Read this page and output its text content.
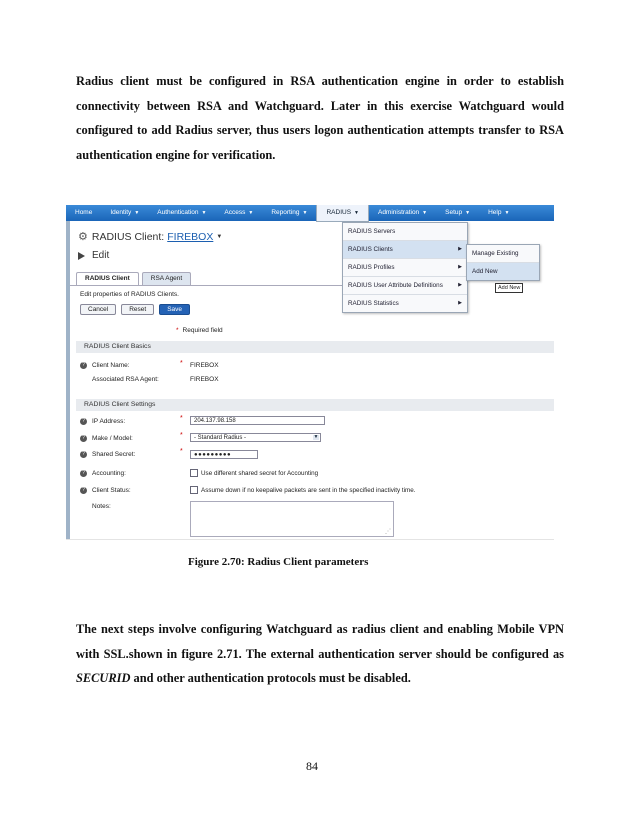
Radius client must be configured in RSA authentication engine in order to establish
connectivity between RSA and Watchguard. Later in this exercise Watchguard would
configured to add Radius server, thus users logon authentication attempts transfer to RSA
authentication engine for verification.
Home	Identity ▼	Authentication ▼	Access ▼	Reporting ▼	RADIUS ▼	Administration ▼	Setup ▼	Help ▼
⚙ RADIUS Client: FIREBOX ▼
Edit
RADIUS Client	RSA Agent
Edit properties of RADIUS Clients.
Cancel	Reset	Save
* Required field
RADIUS Client Basics
?	Client Name:	* FIREBOX
Associated RSA Agent:	FIREBOX
RADIUS Client Settings
?	IP Address:	*	204.137.98.158
?	Make / Model:	*	- Standard Radius -	▼
?	Shared Secret:	*	●●●●●●●●●
?	Accounting:	Use different shared secret for Accounting
?	Client Status:	Assume down if no keepalive packets are sent in the specified inactivity time.
Notes:
⋰
RADIUS Servers
RADIUS Clients	▶
RADIUS Profiles	▶
RADIUS User Attribute Definitions	▶
RADIUS Statistics	▶
Manage Existing
Add New
Add New
Figure 2.70: Radius Client parameters
The next steps involve configuring Watchguard as radius client and enabling Mobile VPN
with SSL.shown in figure 2.71. The external authentication server should be configured as
SECURID and other authentication protocols must be disabled.
84
